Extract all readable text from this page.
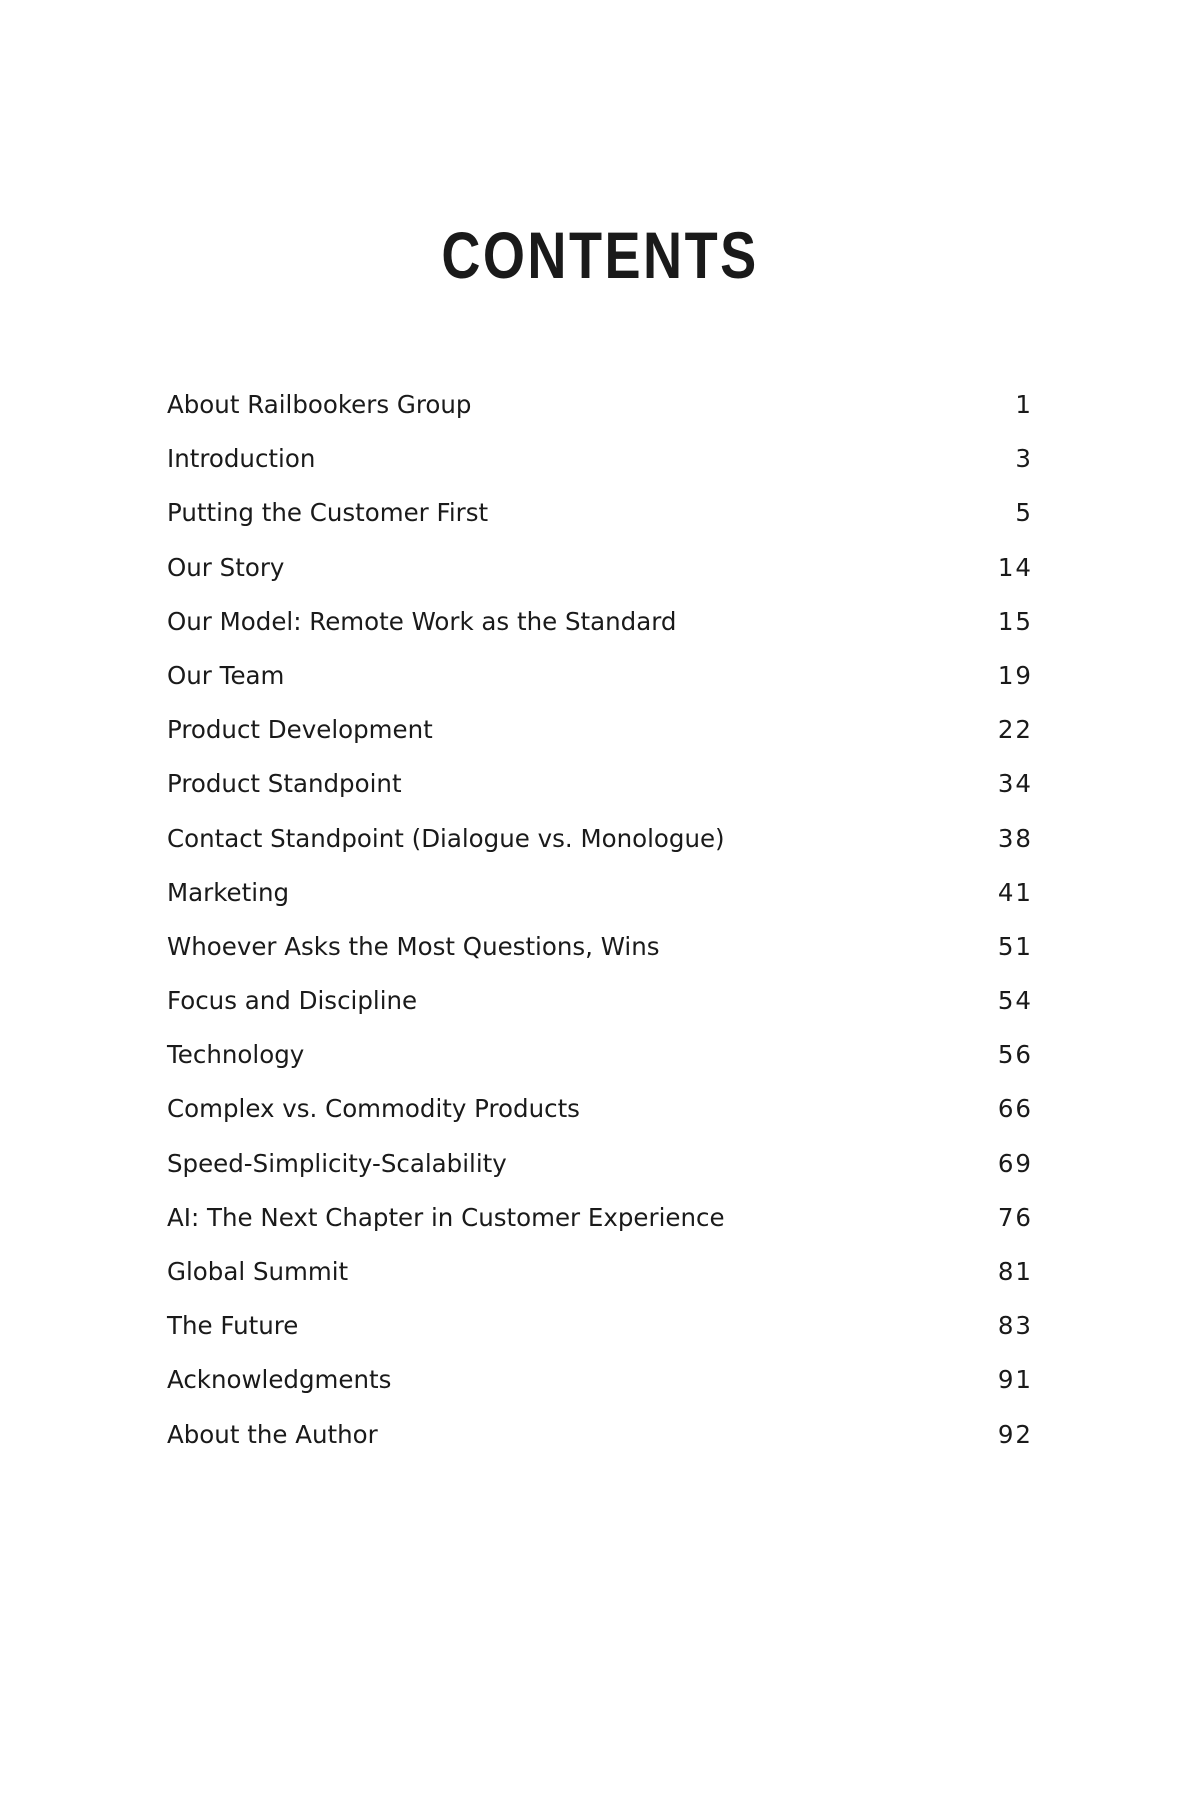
CONTENTS
About Railbookers Group	1
Introduction	3
Putting the Customer First	5
Our Story	14
Our Model: Remote Work as the Standard	15
Our Team	19
Product Development	22
Product Standpoint	34
Contact Standpoint (Dialogue vs. Monologue)	38
Marketing	41
Whoever Asks the Most Questions, Wins	51
Focus and Discipline	54
Technology	56
Complex vs. Commodity Products	66
Speed-Simplicity-Scalability	69
AI: The Next Chapter in Customer Experience	76
Global Summit	81
The Future	83
Acknowledgments	91
About the Author	92
